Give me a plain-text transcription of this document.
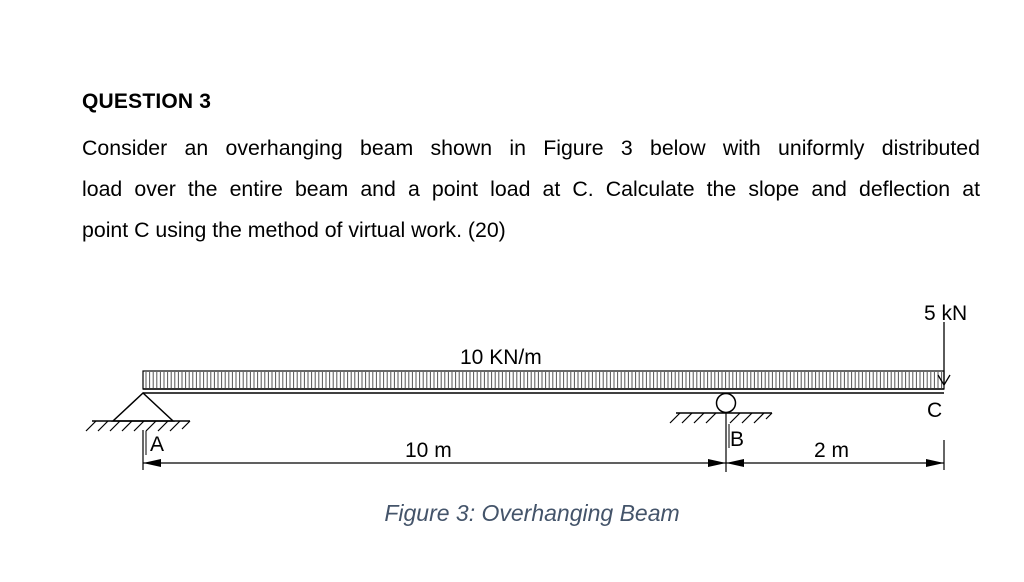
QUESTION 3
Consider an overhanging beam shown in Figure 3 below with uniformly distributed
load over the entire beam and a point load at C. Calculate the slope and deflection at
point C using the method of virtual work. (20)
10 KN/m
5 kN
A	B
C
10 m	2 m
Figure 3: Overhanging Beam
